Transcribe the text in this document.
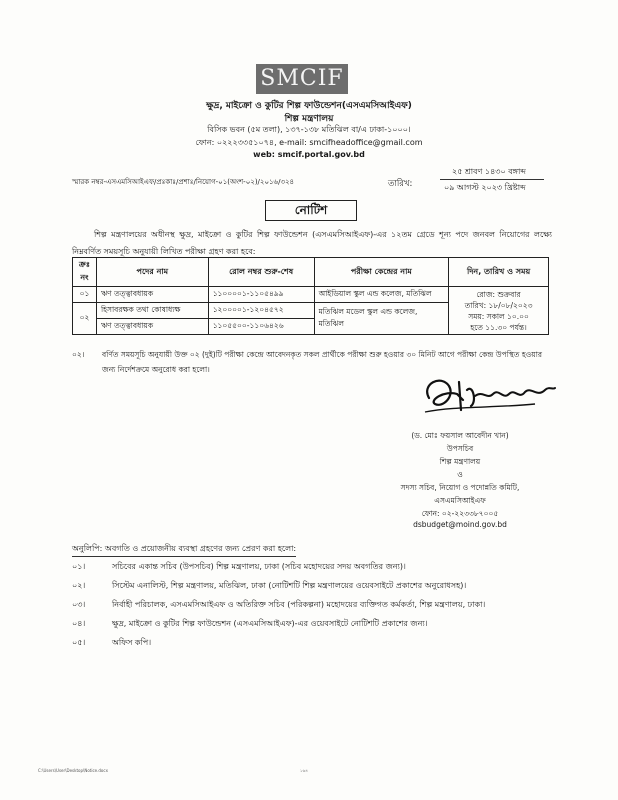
SMCIF
ক্ষুদ্র, মাইক্রো ও কুটির শিল্প ফাউন্ডেশন(এসএমসিআইএফ)
শিল্প মন্ত্রণালয়
বিসিক ভবন (৫ম তলা), ১৩৭-১৩৮ মতিঝিল বা/এ ঢাকা-১০০০।
ফোন: ০২২২৩৩৫১০৭৪, e-mail: smcifheadoffice@gmail.com
web: smcif.portal.gov.bd
স্মারক নম্বর-এসএমসিআইএফ/প্রঃকাঃ/প্রশাঃ/নিয়োগ-০১(অংশ-০২)/২০১৬/৩২৪	তারিখ:
২৫ শ্রাবণ ১৪৩০ বঙ্গাব্দ
০৯ আগস্ট ২০২৩ খ্রিষ্টাব্দ
নোটিশ
শিল্প মন্ত্রণালয়ের অধীনস্থ ক্ষুদ্র, মাইক্রো ও কুটির শিল্প ফাউন্ডেশন (এসএমসিআইএফ)-এর ১২তম গ্রেডে শূন্য পদে জনবল নিয়োগের লক্ষ্যে নিম্নবর্ণিত সময়সূচি অনুযায়ী লিখিত পরীক্ষা গ্রহণ করা হবে:
ক্রঃ নং	পদের নাম	রোল নম্বর শুরু-শেষ	পরীক্ষা কেন্দ্রের নাম	দিন, তারিখ ও সময়
০১	ঋণ তত্ত্বাবধায়ক	১১০০০০১-১১০৫৪৯৯	আইডিয়াল স্কুল এন্ড কলেজ, মতিঝিল	রোজ: শুক্রবার
তারিখ: ১৮/০৮/২০২৩
সময়: সকাল ১০.০০
হতে ১১.৩০ পর্যন্ত।

০২	হিসাবরক্ষক তথা কোষাধ্যক্ষ	১২০০০০১-১২০৪৫৭২	মতিঝিল মডেল স্কুল এন্ড কলেজ, মতিঝিল	
	ঋণ তত্ত্বাবধায়ক	১১০৫৫০০-১১০৬৪২৬		
০২। বর্ণিত সময়সূচি অনুযায়ী উক্ত ০২ (দুই)টি পরীক্ষা কেন্দ্রে আবেদনকৃত সকল প্রার্থীকে পরীক্ষা শুরু হওয়ার ৩০ মিনিট আগে পরীক্ষা কেন্দ্র উপস্থিত হওয়ার জন্য নির্দেশক্রমে অনুরোধ করা হলো।
(ড. মোঃ ফয়সাল আবেদীন খান)
উপসচিব
শিল্প মন্ত্রণালয়
ও
সদস্য সচিব, নিয়োগ ও পদোন্নতি কমিটি,
এসএমসিআইএফ
ফোন: ০২-২২৩৩৮৭০০৫
dsbudget@moind.gov.bd
অনুলিপি: অবগতি ও প্রয়োজনীয় ব্যবস্থা গ্রহণের জন্য প্রেরণ করা হলো:
০১।	সচিবের একান্ত সচিব (উপসচিব) শিল্প মন্ত্রণালয়, ঢাকা (সচিব মহোদয়ের সদয় অবগতির জন্য)।
০২।	সিস্টেম এনালিস্ট, শিল্প মন্ত্রণালয়, মতিঝিল, ঢাকা (নোটিশটি শিল্প মন্ত্রণালয়ের ওয়েবসাইটে প্রকাশের অনুরোধসহ)।
০৩।	নির্বাহী পরিচালক, এসএমসিআইএফ ও অতিরিক্ত সচিব (পরিকল্পনা) মহোদয়ের ব্যক্তিগত কর্মকর্তা, শিল্প মন্ত্রণালয়, ঢাকা।
০৪।	ক্ষুদ্র, মাইক্রো ও কুটির শিল্প ফাউন্ডেশন (এসএমসিআইএফ)-এর ওয়েবসাইটে নোটিশটি প্রকাশের জন্য।
০৫।	অফিস কপি।
C:\Users\User\Desktop\Notice.docx	১৬৪
